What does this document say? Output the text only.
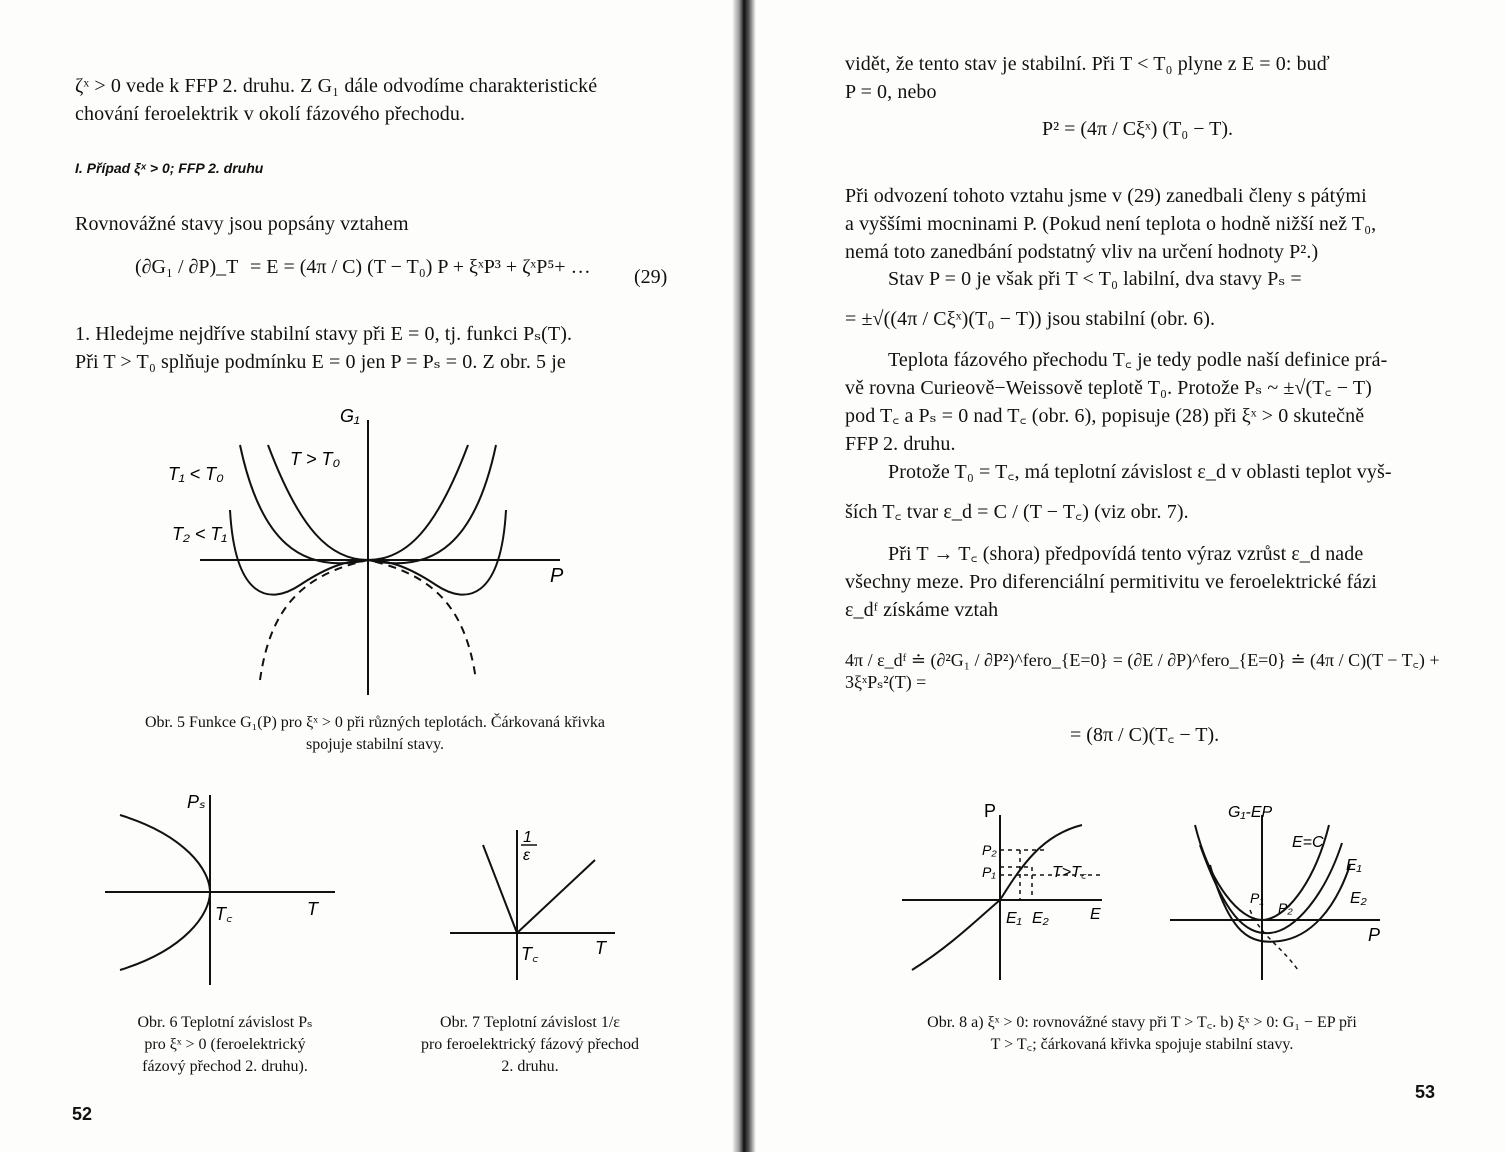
ζˣ > 0 vede k FFP 2. druhu. Z G₁ dále odvodíme charakteristické
chování feroelektrik v okolí fázového přechodu.
I. Případ ξˣ > 0; FFP 2. druhu
Rovnovážné stavy jsou popsány vztahem
(∂G₁ / ∂P)_T = E = (4π / C) (T − T₀) P + ξˣP³ + ζˣP⁵+ … (29)
1. Hledejme nejdříve stabilní stavy při E = 0, tj. funkci Pₛ(T).
Při T > T₀ splňuje podmínku E = 0 jen P = Pₛ = 0. Z obr. 5 je
G₁
T > T₀
T₁ < T₀
T₂ < T₁
P
Obr. 5 Funkce G₁(P) pro ξˣ > 0 při různých teplotách. Čárkovaná křivka
spojuje stabilní stavy.
Pₛ
T꜀	T
1
ε
T꜀	T
Obr. 6 Teplotní závislost Pₛ
pro ξˣ > 0 (feroelektrický
fázový přechod 2. druhu).
Obr. 7 Teplotní závislost 1/ε
pro feroelektrický fázový přechod
2. druhu.
52
vidět, že tento stav je stabilní. Při T < T₀ plyne z E = 0: buď
P = 0, nebo
P² = (4π / Cξˣ) (T₀ − T).
Při odvození tohoto vztahu jsme v (29) zanedbali členy s pátými
a vyššími mocninami P. (Pokud není teplota o hodně nižší než T₀,
nemá toto zanedbání podstatný vliv na určení hodnoty P².)
Stav P = 0 je však při T < T₀ labilní, dva stavy Pₛ =
= ±√((4π / Cξˣ)(T₀ − T)) jsou stabilní (obr. 6).
Teplota fázového přechodu T꜀ je tedy podle naší definice prá-
vě rovna Curieově−Weissově teplotě T₀. Protože Pₛ ~ ±√(T꜀ − T)
pod T꜀ a Pₛ = 0 nad T꜀ (obr. 6), popisuje (28) při ξˣ > 0 skutečně
FFP 2. druhu.
Protože T₀ = T꜀, má teplotní závislost ε_d v oblasti teplot vyš-
ších T꜀ tvar ε_d = C / (T − T꜀) (viz obr. 7).
Při T → T꜀ (shora) předpovídá tento výraz vzrůst ε_d nade
všechny meze. Pro diferenciální permitivitu ve feroelektrické fázi
ε_dᶠ získáme vztah
4π / ε_dᶠ ≐ (∂²G₁ / ∂P²)^fero_{E=0} = (∂E / ∂P)^fero_{E=0} ≐ (4π / C)(T − T꜀) + 3ξˣPₛ²(T) =
= (8π / C)(T꜀ − T).
P
P₂
P₁	T>T꜀
E₁ E₂	E
G₁-EP
E=C
E₁
E₂
P₁
P₂
P
Obr. 8 a) ξˣ > 0: rovnovážné stavy při T > T꜀. b) ξˣ > 0: G₁ − EP při
T > T꜀; čárkovaná křivka spojuje stabilní stavy.
53
